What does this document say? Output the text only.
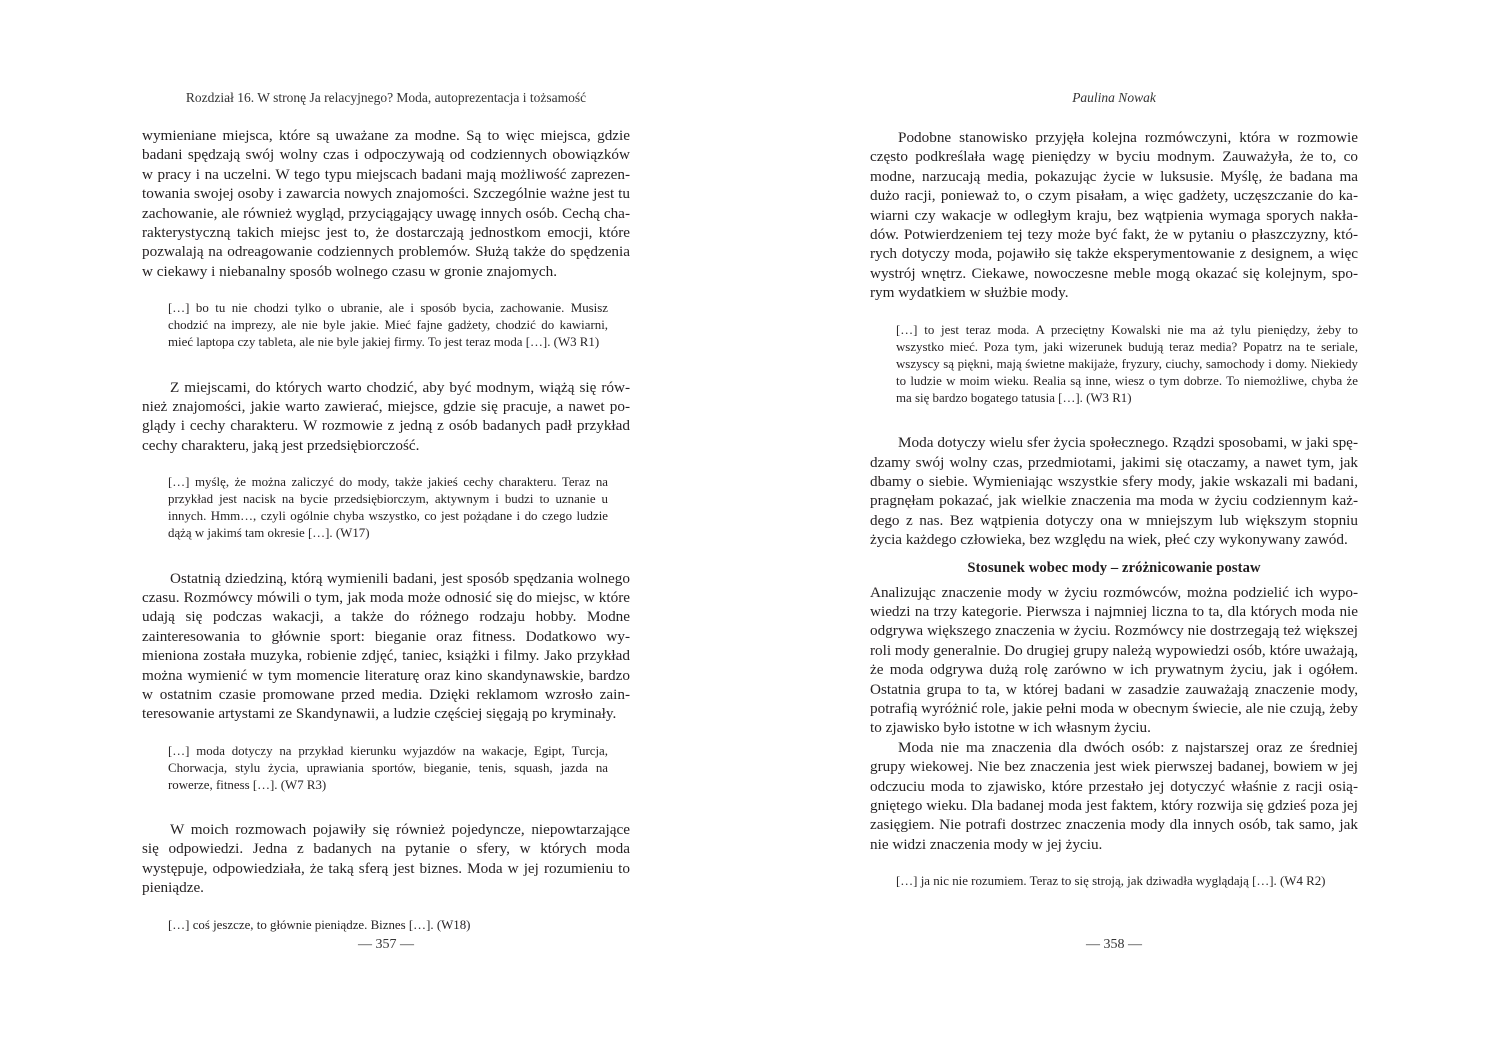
Rozdział 16. W stronę Ja relacyjnego? Moda, autoprezentacja i tożsamość

wymieniane miejsca, które są uważane za modne. Są to więc miejsca, gdzie badani spędzają swój wolny czas i odpoczywają od codziennych obowiązków w pracy i na uczelni. W tego typu miejscach badani mają możliwość zaprezentowania swojej osoby i zawarcia nowych znajomości. Szczególnie ważne jest tu zachowanie, ale również wygląd, przyciągający uwagę innych osób. Cechą charakterystyczną takich miejsc jest to, że dostarczają jednostkom emocji, które pozwalają na odreagowanie codziennych problemów. Służą także do spędzenia w ciekawy i niebanalny sposób wolnego czasu w gronie znajomych.

[…] bo tu nie chodzi tylko o ubranie, ale i sposób bycia, zachowanie. Musisz chodzić na imprezy, ale nie byle jakie. Mieć fajne gadżety, chodzić do kawiarni, mieć laptopa czy tableta, ale nie byle jakiej firmy. To jest teraz moda […]. (W3 R1)

Z miejscami, do których warto chodzić, aby być modnym, wiążą się również znajomości, jakie warto zawierać, miejsce, gdzie się pracuje, a nawet poglądy i cechy charakteru. W rozmowie z jedną z osób badanych padł przykład cechy charakteru, jaką jest przedsiębiorczość.

[…] myślę, że można zaliczyć do mody, także jakieś cechy charakteru. Teraz na przykład jest nacisk na bycie przedsiębiorczym, aktywnym i budzi to uznanie u innych. Hmm…, czyli ogólnie chyba wszystko, co jest pożądane i do czego ludzie dążą w jakimś tam okresie […]. (W17)

Ostatnią dziedziną, którą wymienili badani, jest sposób spędzania wolnego czasu. Rozmówcy mówili o tym, jak moda może odnosić się do miejsc, w które udają się podczas wakacji, a także do różnego rodzaju hobby. Modne zainteresowania to głównie sport: bieganie oraz fitness. Dodatkowo wymieniona została muzyka, robienie zdjęć, taniec, książki i filmy. Jako przykład można wymienić w tym momencie literaturę oraz kino skandynawskie, bardzo w ostatnim czasie promowane przed media. Dzięki reklamom wzrosło zainteresowanie artystami ze Skandynawii, a ludzie częściej sięgają po kryminały.

[…] moda dotyczy na przykład kierunku wyjazdów na wakacje, Egipt, Turcja, Chorwacja, stylu życia, uprawiania sportów, bieganie, tenis, squash, jazda na rowerze, fitness […]. (W7 R3)

W moich rozmowach pojawiły się również pojedyncze, niepowtarzające się odpowiedzi. Jedna z badanych na pytanie o sfery, w których moda występuje, odpowiedziała, że taką sferą jest biznes. Moda w jej rozumieniu to pieniądze.

[…] coś jeszcze, to głównie pieniądze. Biznes […]. (W18)
— 357 —
Paulina Nowak

Podobne stanowisko przyjęła kolejna rozmówczyni, która w rozmowie często podkreślała wagę pieniędzy w byciu modnym. Zauważyła, że to, co modne, narzucają media, pokazując życie w luksusie. Myślę, że badana ma dużo racji, ponieważ to, o czym pisałam, a więc gadżety, uczęszczanie do kawiarni czy wakacje w odległym kraju, bez wątpienia wymaga sporych nakładów. Potwierdzeniem tej tezy może być fakt, że w pytaniu o płaszczyzny, których dotyczy moda, pojawiło się także eksperymentowanie z designem, a więc wystrój wnętrz. Ciekawe, nowoczesne meble mogą okazać się kolejnym, sporym wydatkiem w służbie mody.

[…] to jest teraz moda. A przeciętny Kowalski nie ma aż tylu pieniędzy, żeby to wszystko mieć. Poza tym, jaki wizerunek budują teraz media? Popatrz na te seriale, wszyscy są piękni, mają świetne makijaże, fryzury, ciuchy, samochody i domy. Niekiedy to ludzie w moim wieku. Realia są inne, wiesz o tym dobrze. To niemożliwe, chyba że ma się bardzo bogatego tatusia […]. (W3 R1)

Moda dotyczy wielu sfer życia społecznego. Rządzi sposobami, w jaki spędzamy swój wolny czas, przedmiotami, jakimi się otaczamy, a nawet tym, jak dbamy o siebie. Wymieniając wszystkie sfery mody, jakie wskazali mi badani, pragnęłam pokazać, jak wielkie znaczenia ma moda w życiu codziennym każdego z nas. Bez wątpienia dotyczy ona w mniejszym lub większym stopniu życia każdego człowieka, bez względu na wiek, płeć czy wykonywany zawód.

Stosunek wobec mody – zróżnicowanie postaw

Analizując znaczenie mody w życiu rozmówców, można podzielić ich wypowiedzi na trzy kategorie. Pierwsza i najmniej liczna to ta, dla których moda nie odgrywa większego znaczenia w życiu. Rozmówcy nie dostrzegają też większej roli mody generalnie. Do drugiej grupy należą wypowiedzi osób, które uważają, że moda odgrywa dużą rolę zarówno w ich prywatnym życiu, jak i ogółem. Ostatnia grupa to ta, w której badani w zasadzie zauważają znaczenie mody, potrafią wyróżnić role, jakie pełni moda w obecnym świecie, ale nie czują, żeby to zjawisko było istotne w ich własnym życiu.

Moda nie ma znaczenia dla dwóch osób: z najstarszej oraz ze średniej grupy wiekowej. Nie bez znaczenia jest wiek pierwszej badanej, bowiem w jej odczuciu moda to zjawisko, które przestało jej dotyczyć właśnie z racji osiągniętego wieku. Dla badanej moda jest faktem, który rozwija się gdzieś poza jej zasięgiem. Nie potrafi dostrzec znaczenia mody dla innych osób, tak samo, jak nie widzi znaczenia mody w jej życiu.

[…] ja nic nie rozumiem. Teraz to się stroją, jak dziwadła wyglądają […]. (W4 R2)
— 358 —
